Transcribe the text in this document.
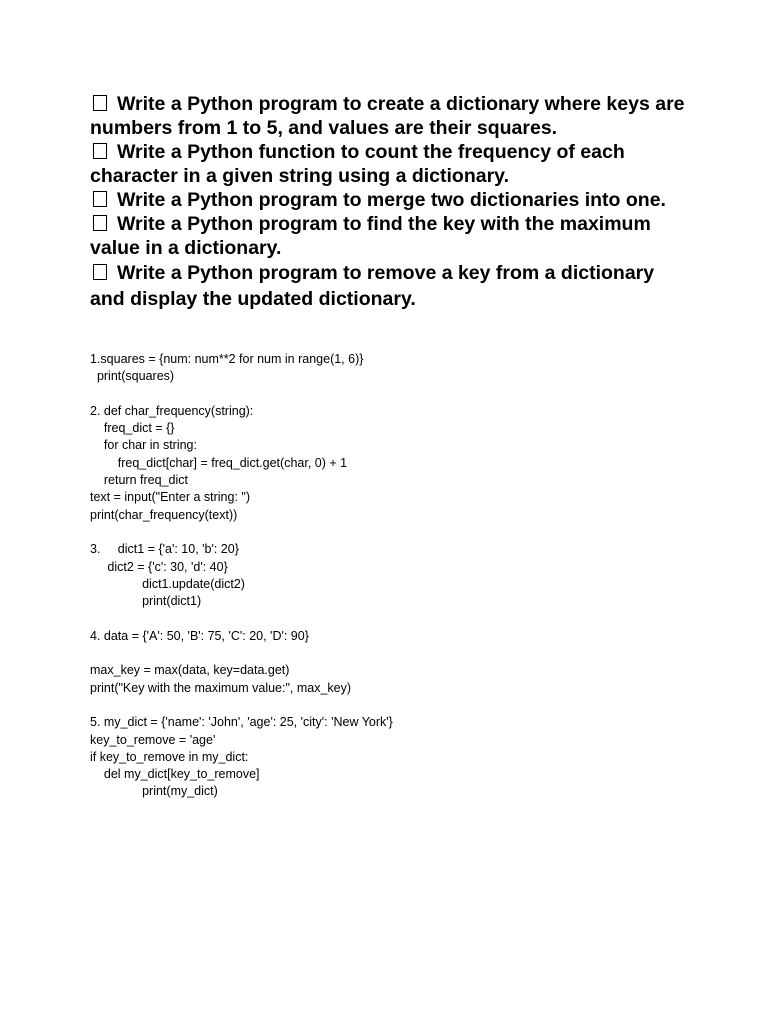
Write a Python program to create a dictionary where keys are numbers from 1 to 5, and values are their squares.
Write a Python function to count the frequency of each character in a given string using a dictionary.
Write a Python program to merge two dictionaries into one.
Write a Python program to find the key with the maximum value in a dictionary.
Write a Python program to remove a key from a dictionary and display the updated dictionary.
1.squares = {num: num**2 for num in range(1, 6)}
print(squares)
2. def char_frequency(string):
freq_dict = {}
for char in string:
freq_dict[char] = freq_dict.get(char, 0) + 1
return freq_dict
text = input("Enter a string: ")
print(char_frequency(text))
3.     dict1 = {'a': 10, 'b': 20}
dict2 = {'c': 30, 'd': 40}
dict1.update(dict2)
print(dict1)
4. data = {'A': 50, 'B': 75, 'C': 20, 'D': 90}
max_key = max(data, key=data.get)
print("Key with the maximum value:", max_key)
5. my_dict = {'name': 'John', 'age': 25, 'city': 'New York'}
key_to_remove = 'age'
if key_to_remove in my_dict:
del my_dict[key_to_remove]
print(my_dict)
